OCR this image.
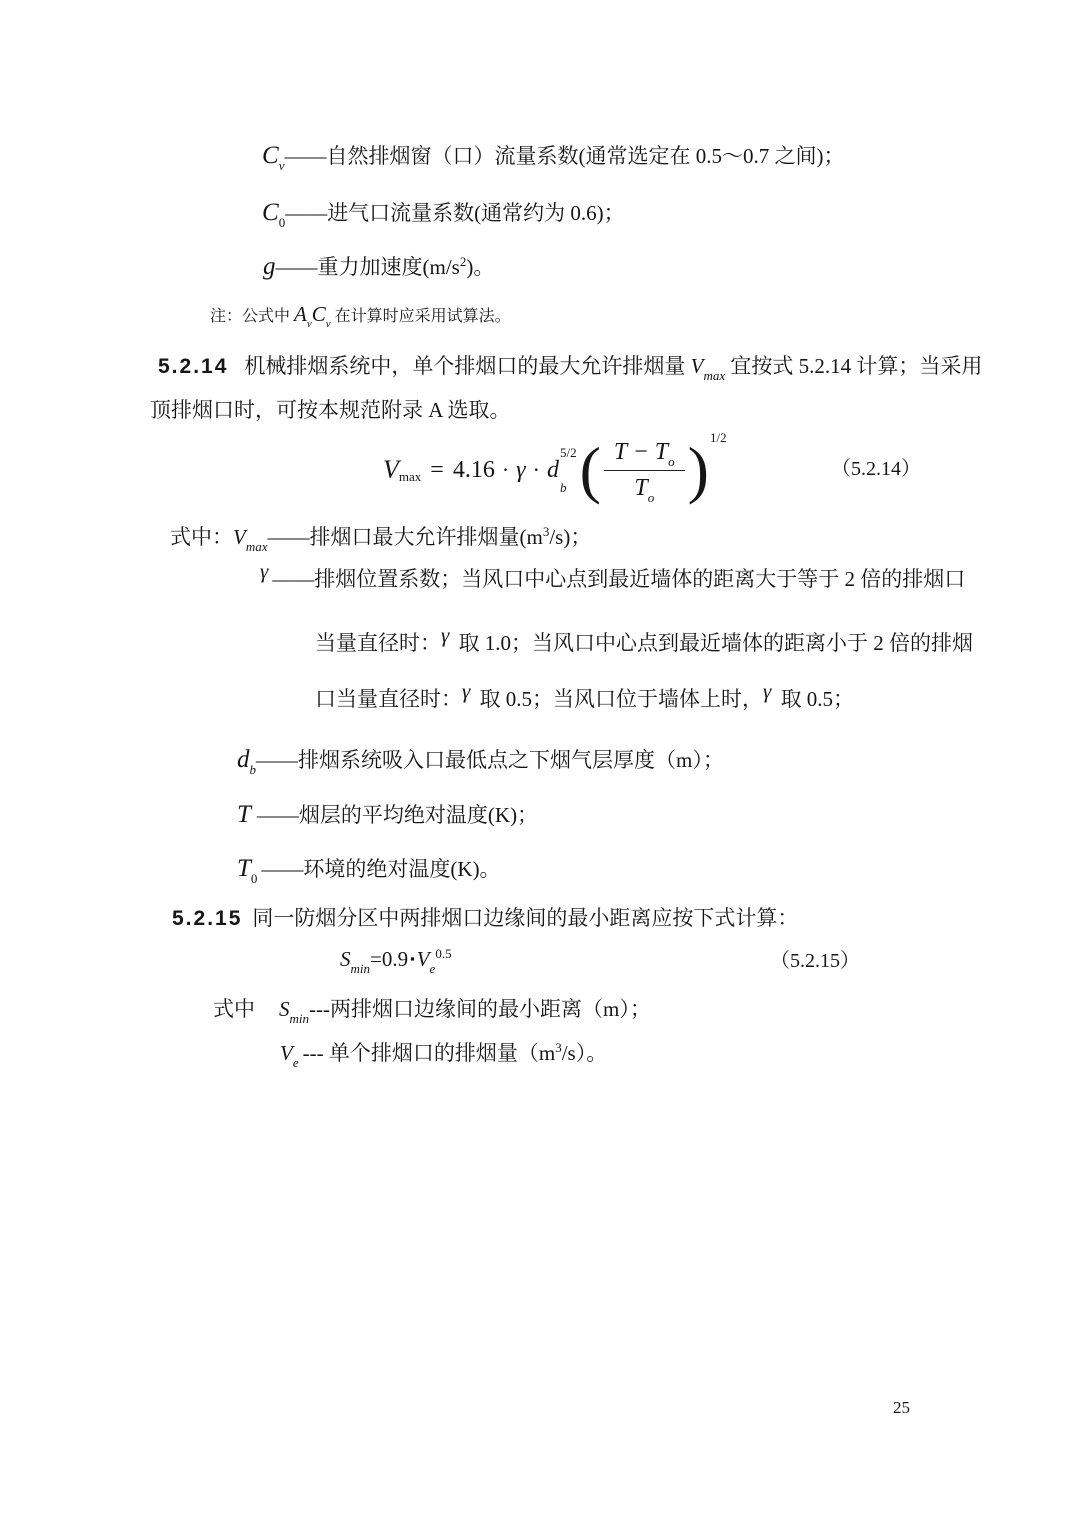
$C_v——$自然排烟窗（口）流量系数(通常选定在 0.5～0.7 之间)；
$C_0——$进气口流量系数(通常约为 0.6)；
g——重力加速度$(m/s^2)$。
注：公式中 $A_vC_v$ 在计算时应采用试算法。
5.2.14 机械排烟系统中，单个排烟口的最大允许排烟量 $V_{max}$ 宜按式 5.2.14 计算；当采用
顶排烟口时，可按本规范附录 A 选取。
V max = 4.16 · γ · d
5/2
b ( $\frac{T - T_o}{T_o}$ ) 1/2
（5.2.14）
式中：$V_{max}——$排烟口最大允许排烟量$(m^3/s)$；
γ ——排烟位置系数；当风口中心点到最近墙体的距离大于等于 2 倍的排烟口
当量直径时：γ 取 1.0；当风口中心点到最近墙体的距离小于 2 倍的排烟
口当量直径时：γ 取 0.5；当风口位于墙体上时，γ 取 0.5；
$d_b——$排烟系统吸入口最低点之下烟气层厚度（m）；
T ——烟层的平均绝对温度(K)；
$T_0$ ——环境的绝对温度(K)。
5.2.15 同一防烟分区中两排烟口边缘间的最小距离应按下式计算：
$S_{min}=0.9$ $▪V_e^{0.5}$	（5.2.15）
式中 $S_{min}---$两排烟口边缘间的最小距离（m）；
$V_e$ --- 单个排烟口的排烟量$(m^3/s)$。
25
